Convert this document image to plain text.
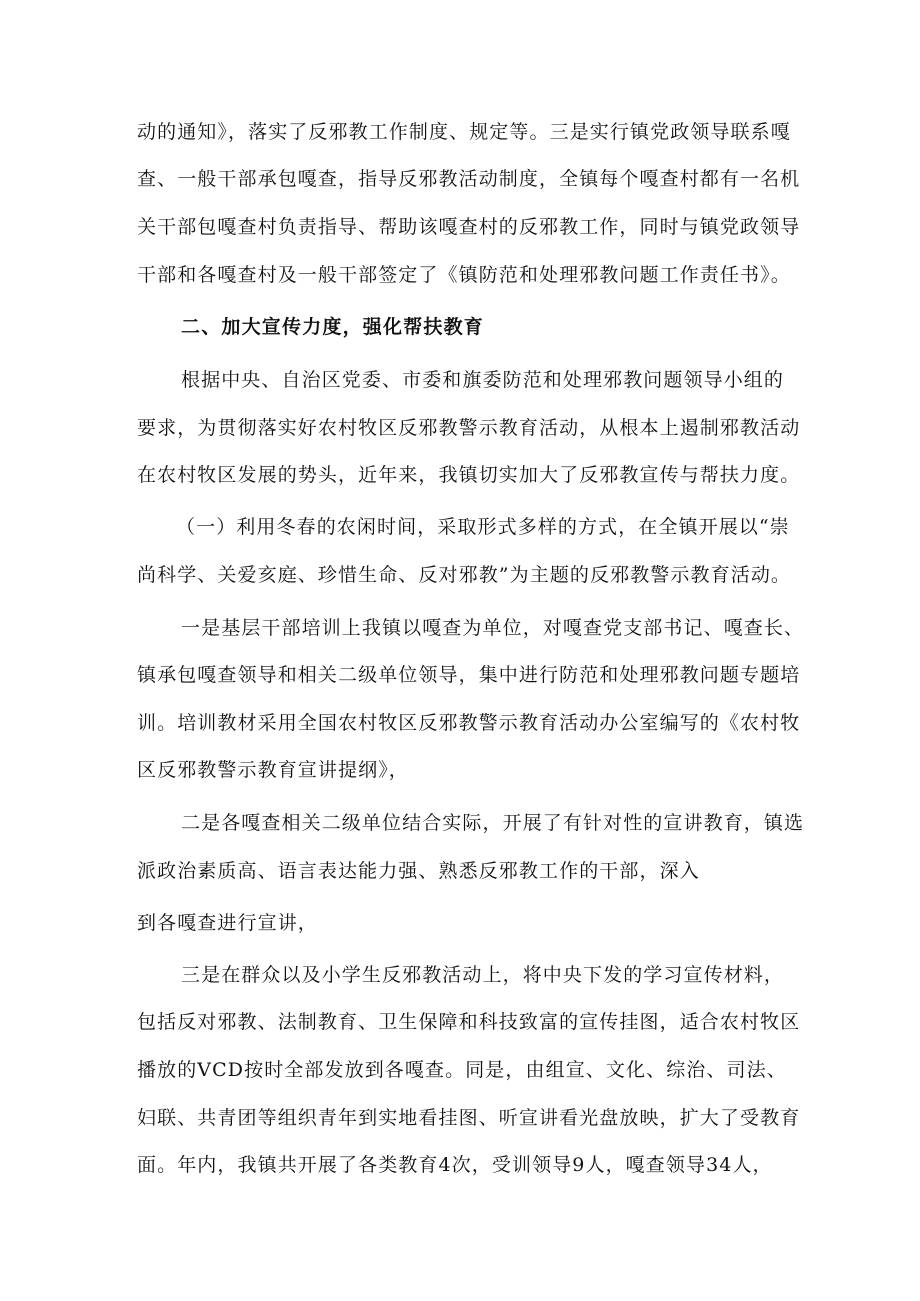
动的通知》，落实了反邪教工作制度、规定等。三是实行镇党政领导联系嘎
查、一般干部承包嘎查，指导反邪教活动制度，全镇每个嘎查村都有一名机
关干部包嘎查村负责指导、帮助该嘎查村的反邪教工作，同时与镇党政领导
干部和各嘎查村及一般干部签定了《镇防范和处理邪教问题工作责任书》。
二、加大宣传力度，强化帮扶教育
根据中央、自治区党委、市委和旗委防范和处理邪教问题领导小组的
要求，为贯彻落实好农村牧区反邪教警示教育活动，从根本上遏制邪教活动
在农村牧区发展的势头，近年来，我镇切实加大了反邪教宣传与帮扶力度。
（一）利用冬春的农闲时间，采取形式多样的方式，在全镇开展以“崇
尚科学、关爱亥庭、珍惜生命、反对邪教”为主题的反邪教警示教育活动。
一是基层干部培训上我镇以嘎查为单位，对嘎查党支部书记、嘎查长、
镇承包嘎查领导和相关二级单位领导，集中进行防范和处理邪教问题专题培
训。培训教材采用全国农村牧区反邪教警示教育活动办公室编写的《农村牧
区反邪教警示教育宣讲提纲》，
二是各嘎查相关二级单位结合实际，开展了有针对性的宣讲教育，镇选
派政治素质高、语言表达能力强、熟悉反邪教工作的干部，深入
到各嘎查进行宣讲，
三是在群众以及小学生反邪教活动上，将中央下发的学习宣传材料，
包括反对邪教、法制教育、卫生保障和科技致富的宣传挂图，适合农村牧区
播放的VCD按时全部发放到各嘎查。同是，由组宣、文化、综治、司法、
妇联、共青团等组织青年到实地看挂图、听宣讲看光盘放映，扩大了受教育
面。年内，我镇共开展了各类教育4次，受训领导9人，嘎查领导34人，
